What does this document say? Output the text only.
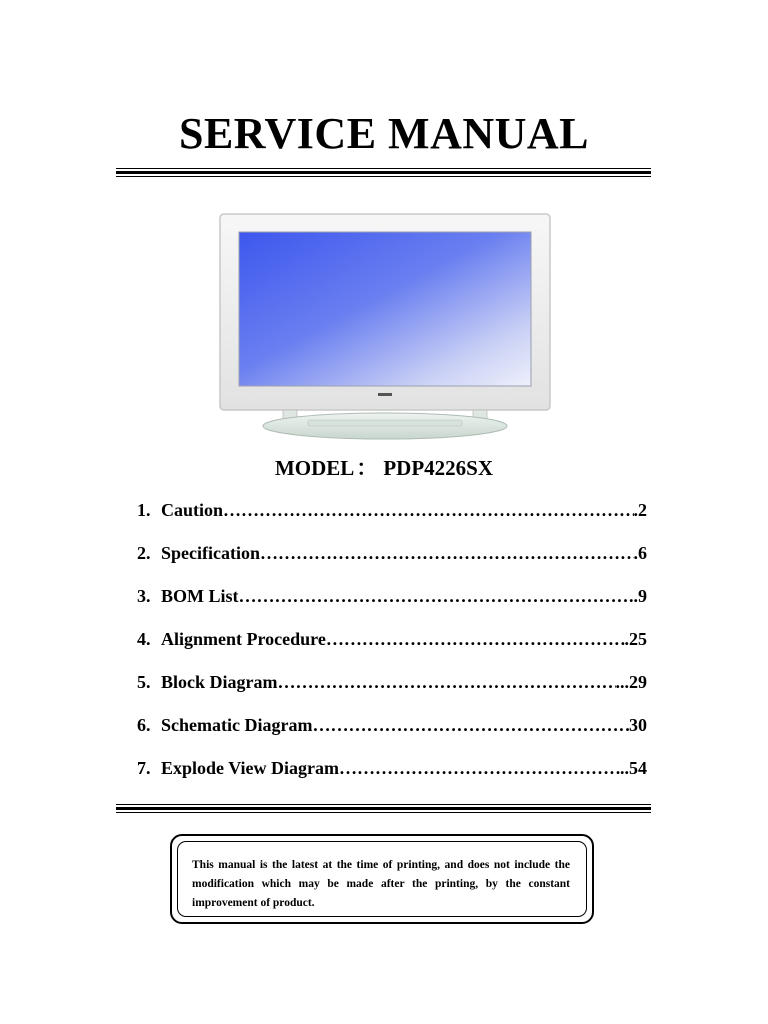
SERVICE MANUAL
MODEL： PDP4226SX
1. Caution ………………………………………………………………………………………………………………	.2
2. Specification ………………………………………………………………………………………………………………	.6
3. BOM List ………………………………………………………………………………………………………………	..9
4. Alignment Procedure ………………………………………………………………………………………………………………	.25
5. Block Diagram ………………………………………………………………………………………………………………	...29
6. Schematic Diagram ………………………………………………………………………………………………………………	30
7. Explode View Diagram ………………………………………………………………………………………………………………	..54

This manual is the latest at the time of printing, and does not include the modification which may be made after the printing, by the constant improvement of product.
